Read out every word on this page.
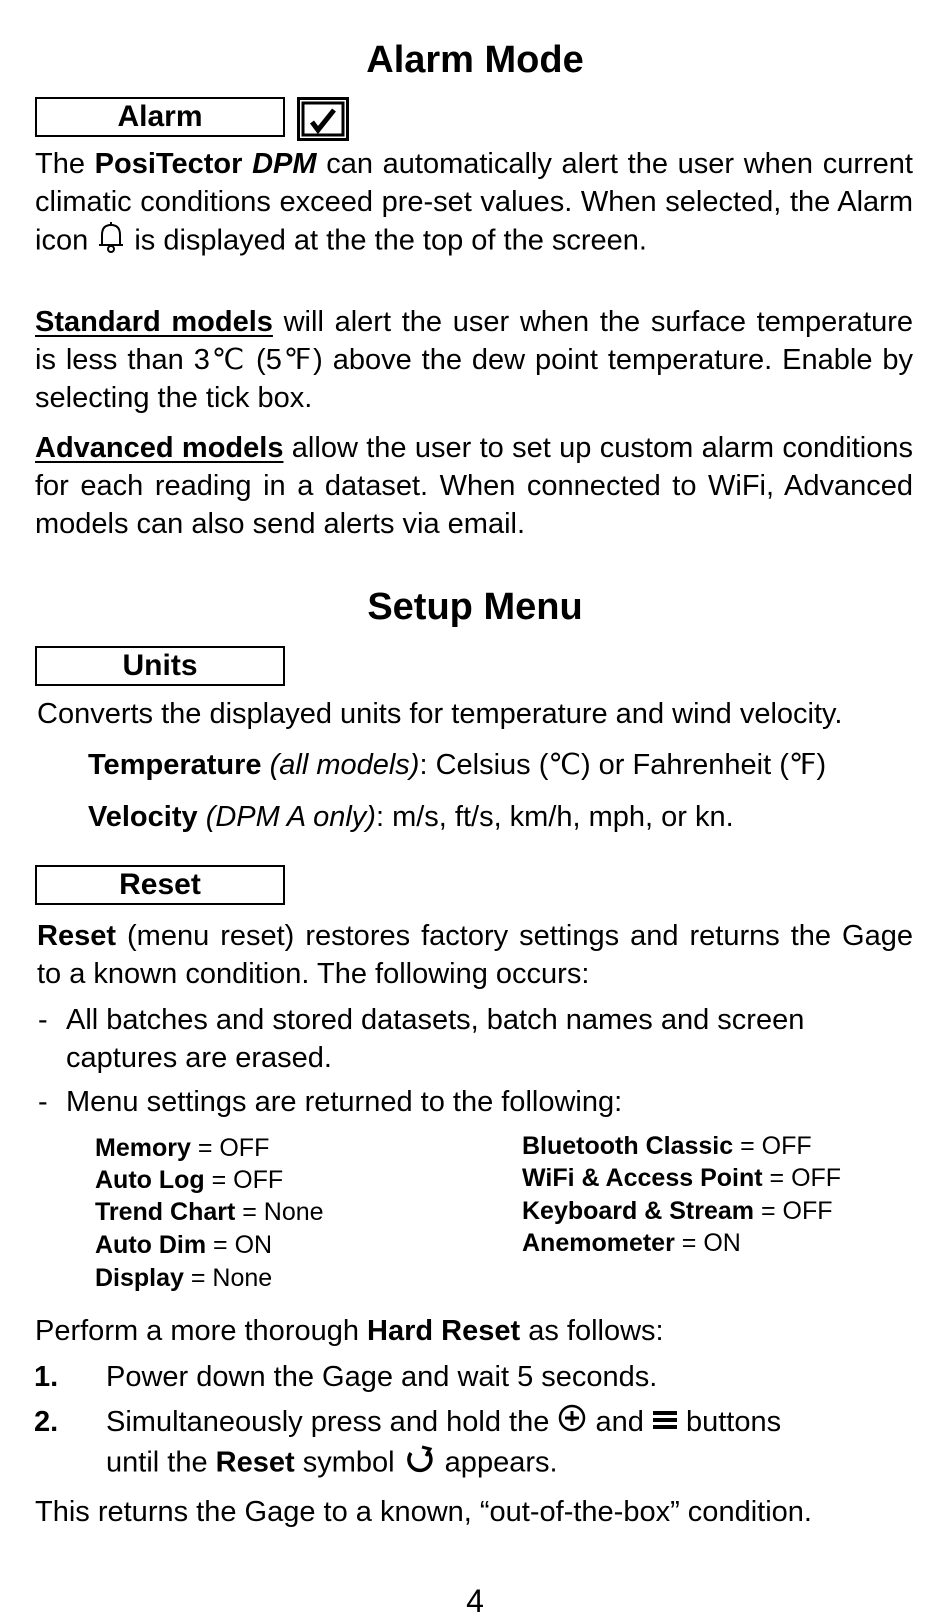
Alarm Mode
Alarm

The PosiTector DPM can automatically alert the user when current climatic conditions exceed pre-set values. When selected, the Alarm icon  is displayed at the the top of the screen.

Standard models will alert the user when the surface temperature is less than 3℃ (5℉) above the dew point temperature. Enable by selecting the tick box.

Advanced models allow the user to set up custom alarm conditions for each reading in a dataset. When connected to WiFi, Advanced models can also send alerts via email.

Setup Menu
Units
Converts the displayed units for temperature and wind velocity.
Temperature (all models): Celsius (℃) or Fahrenheit (℉)
Velocity (DPM A only): m/s, ft/s, km/h, mph, or kn.
Reset

Reset (menu reset) restores factory settings and returns the Gage to a known condition. The following occurs:

- All batches and stored datasets, batch names and screen captures are erased.
- Menu settings are returned to the following:
Memory = OFF
Auto Log = OFF
Trend Chart = None
Auto Dim = ON
Display = None
Bluetooth Classic = OFF
WiFi & Access Point = OFF
Keyboard & Stream = OFF
Anemometer = ON
Perform a more thorough Hard Reset as follows:
1. Power down the Gage and wait 5 seconds.
2. Simultaneously press and hold the  and  buttons
until the Reset symbol  appears.
This returns the Gage to a known, “out-of-the-box” condition.
4
